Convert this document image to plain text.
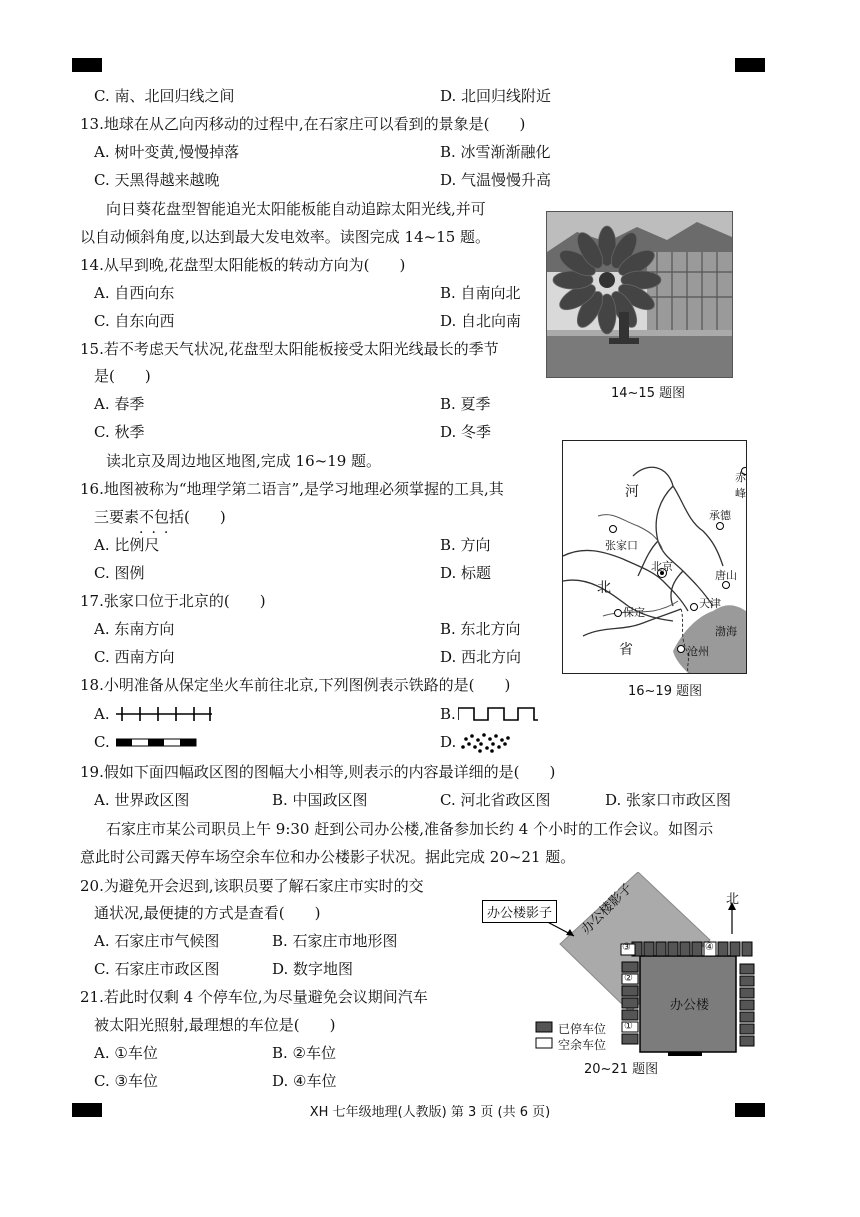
C. 南、北回归线之间	D. 北回归线附近
13.地球在从乙向丙移动的过程中,在石家庄可以看到的景象是(　　)
A. 树叶变黄,慢慢掉落	B. 冰雪渐渐融化
C. 天黑得越来越晚	D. 气温慢慢升高
向日葵花盘型智能追光太阳能板能自动追踪太阳光线,并可
以自动倾斜角度,以达到最大发电效率。读图完成 14~15 题。
14~15 题图
14.从早到晚,花盘型太阳能板的转动方向为(　　)
A. 自西向东	B. 自南向北
C. 自东向西	D. 自北向南
15.若不考虑天气状况,花盘型太阳能板接受太阳光线最长的季节
是(　　)
A. 春季	B. 夏季
C. 秋季	D. 冬季
读北京及周边地区地图,完成 16~19 题。
赤峰
河
承德
张家口
北京
唐山
北
保定
天津
渤海
省	沧州
16~19 题图
16.地图被称为“地理学第二语言”,是学习地理必须掌握的工具,其
三要素不包括
···
(　　)
A. 比例尺	B. 方向
C. 图例	D. 标题
17.张家口位于北京的(　　)
A. 东南方向	B. 东北方向
C. 西南方向	D. 西北方向
18.小明准备从保定坐火车前往北京,下列图例表示铁路的是(　　)
A.	B.
C.	D.
19.假如下面四幅政区图的图幅大小相等,则表示的内容最详细的是(　　)
A. 世界政区图	B. 中国政区图	C. 河北省政区图	D. 张家口市政区图
石家庄市某公司职员上午 9:30 赶到公司办公楼,准备参加长约 4 个小时的工作会议。如图示
意此时公司露天停车场空余车位和办公楼影子状况。据此完成 20~21 题。
办公楼影子	办公楼影子	北
办公楼
③	④
②
①
已停车位
空余车位
20~21 题图
20.为避免开会迟到,该职员要了解石家庄市实时的交
通状况,最便捷的方式是查看(　　)
A. 石家庄市气候图	B. 石家庄市地形图
C. 石家庄市政区图	D. 数字地图
21.若此时仅剩 4 个停车位,为尽量避免会议期间汽车
被太阳光照射,最理想的车位是(　　)
A. ①车位	B. ②车位
C. ③车位	D. ④车位
XH 七年级地理(人教版) 第 3 页 (共 6 页)
